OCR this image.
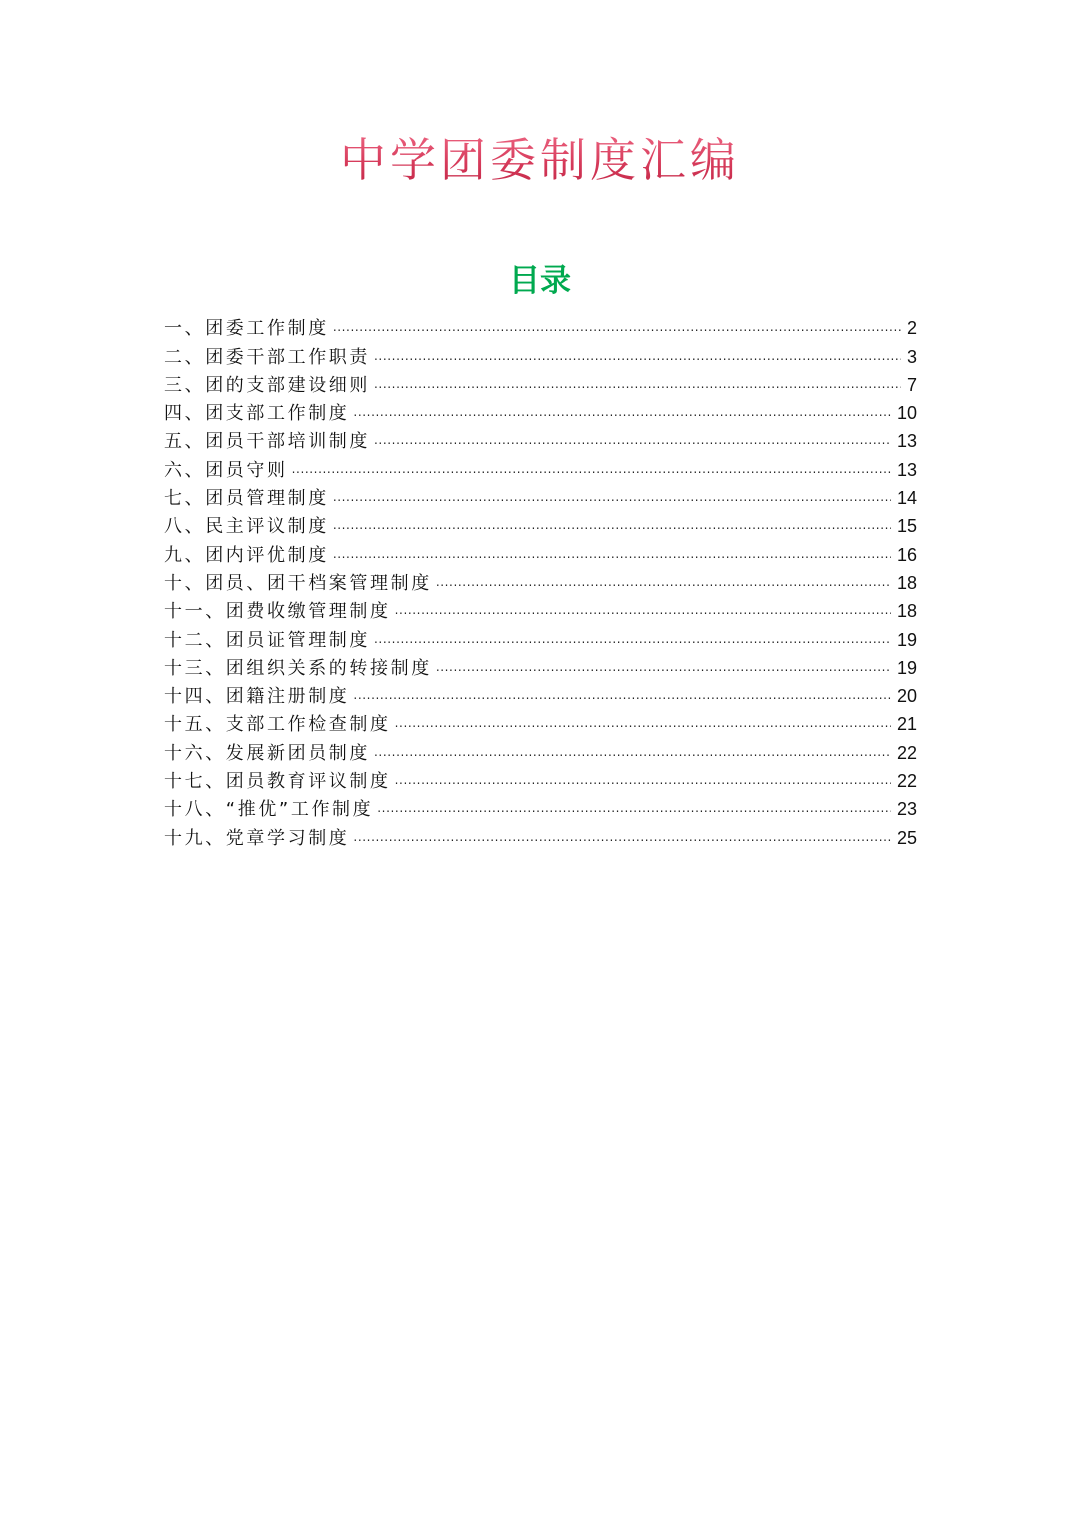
中学团委制度汇编
目录
一、团委工作制度 .....	2
二、团委干部工作职责 .....	3
三、团的支部建设细则 .....	7
四、团支部工作制度 .....	10
五、团员干部培训制度 .....	13
六、团员守则 .....	13
七、团员管理制度 .....	14
八、民主评议制度 .....	15
九、团内评优制度 .....	16
十、团员、团干档案管理制度 .....	18
十一、团费收缴管理制度 .....	18
十二、团员证管理制度 .....	19
十三、团组织关系的转接制度 .....	19
十四、团籍注册制度 .....	20
十五、支部工作检查制度 .....	21
十六、发展新团员制度 .....	22
十七、团员教育评议制度 .....	22
十八、“推优”工作制度 .....	23
十九、党章学习制度 .....	25
